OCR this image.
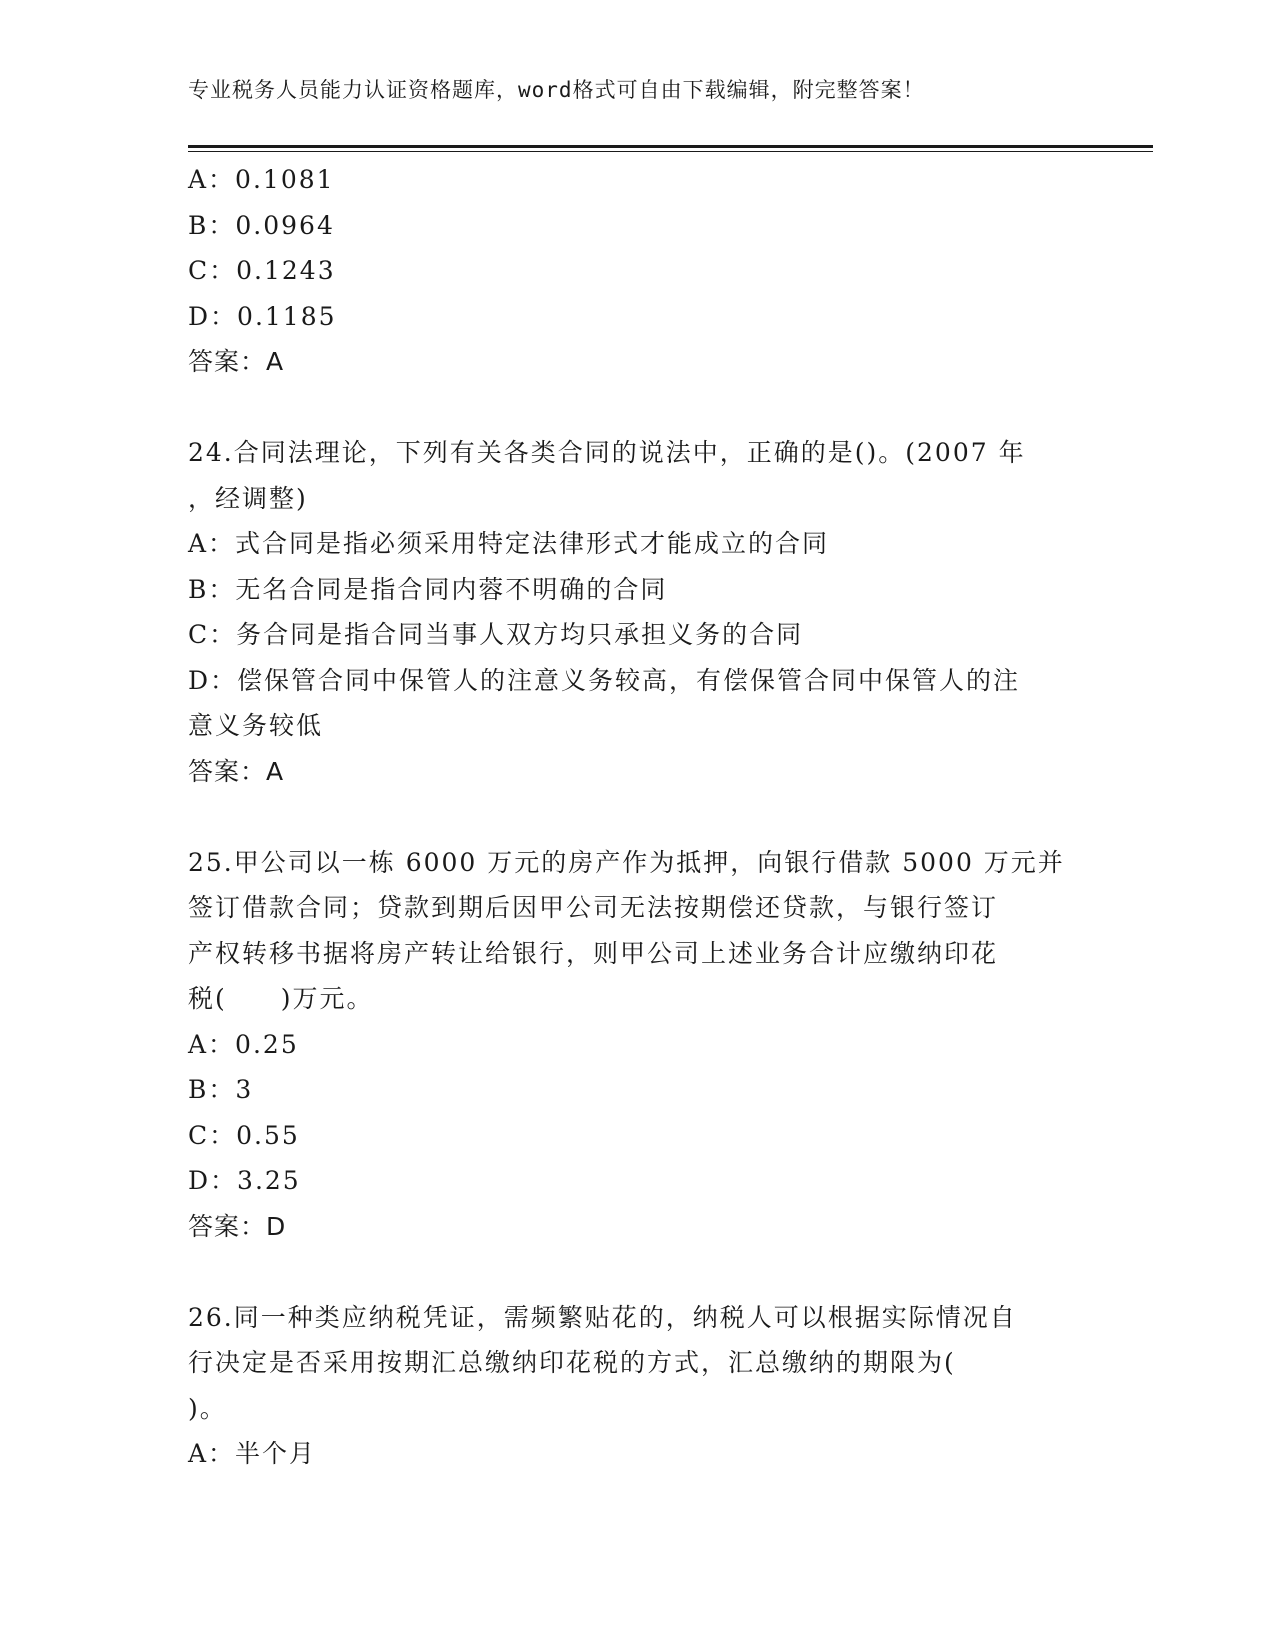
专业税务人员能力认证资格题库，word格式可自由下载编辑，附完整答案！
A：0.1081
B：0.0964
C：0.1243
D：0.1185
答案：A
24.合同法理论，下列有关各类合同的说法中，正确的是()。(2007 年
，经调整)
A：式合同是指必须采用特定法律形式才能成立的合同
B：无名合同是指合同内蓉不明确的合同
C：务合同是指合同当事人双方均只承担义务的合同
D：偿保管合同中保管人的注意义务较高，有偿保管合同中保管人的注
意义务较低
答案：A
25.甲公司以一栋 6000 万元的房产作为抵押，向银行借款 5000 万元并
签订借款合同；贷款到期后因甲公司无法按期偿还贷款，与银行签订
产权转移书据将房产转让给银行，则甲公司上述业务合计应缴纳印花
税(　　)万元。
A：0.25
B：3
C：0.55
D：3.25
答案：D
26.同一种类应纳税凭证，需频繁贴花的，纳税人可以根据实际情况自
行决定是否采用按期汇总缴纳印花税的方式，汇总缴纳的期限为(
)。
A：半个月
